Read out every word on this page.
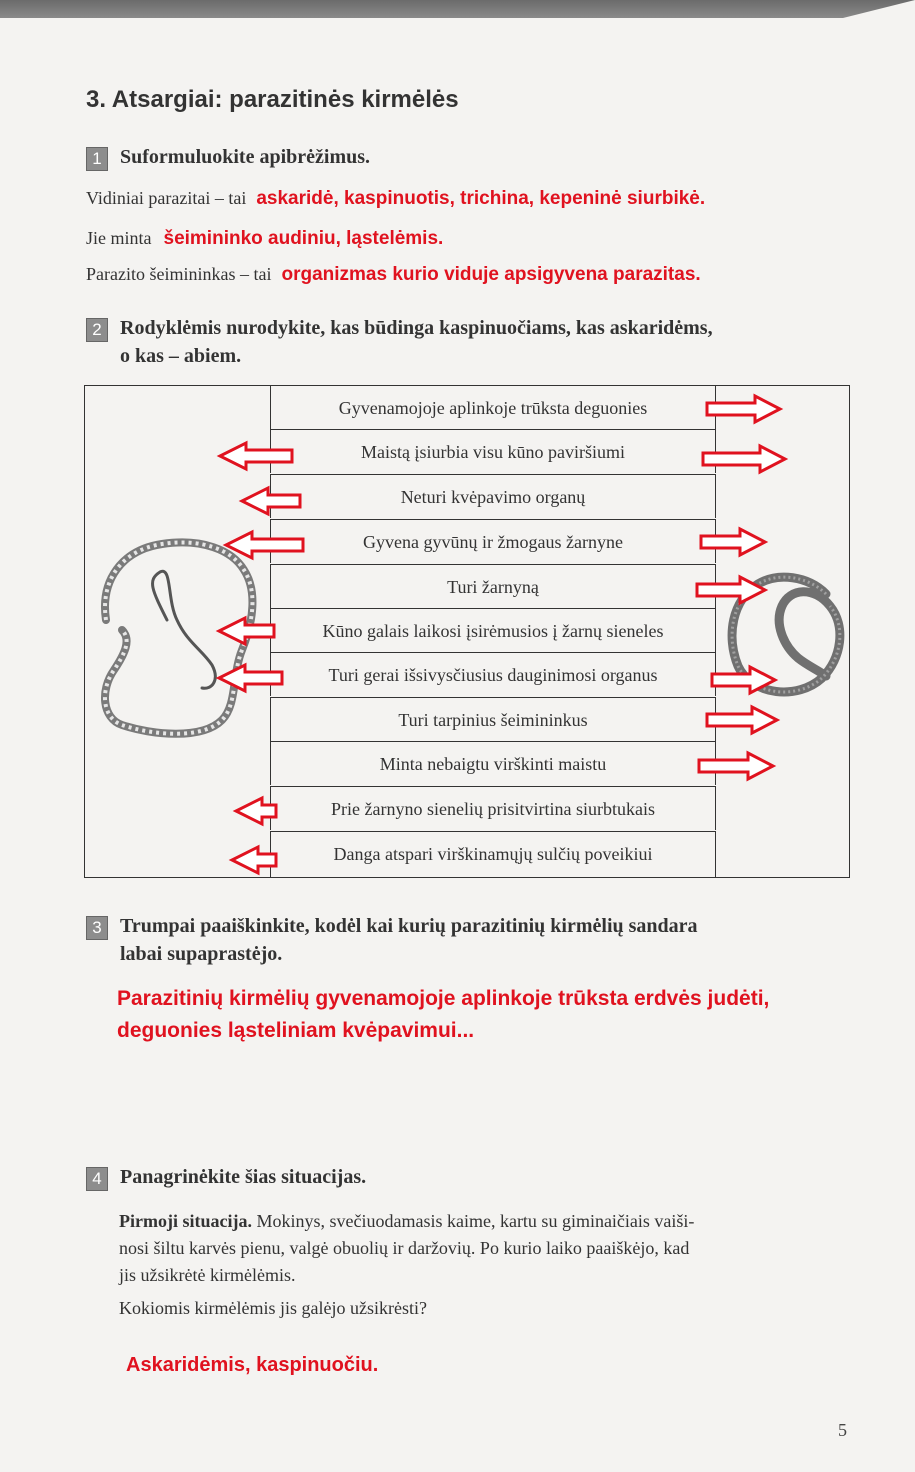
3. Atsargiai: parazitinės kirmėlės
1 Suformuluokite apibrėžimus.
Vidiniai parazitai – tai askaridė, kaspinuotis, trichina, kepeninė siurbikė.
Jie minta šeimininko audiniu, ląstelėmis.
Parazito šeimininkas – tai organizmas kurio viduje apsigyvena parazitas.
2 Rodyklėmis nurodykite, kas būdinga kaspinuočiams, kas askaridėms,
o kas – abiem.
Gyvenamojoje aplinkoje trūksta deguonies
Maistą įsiurbia visu kūno paviršiumi
Neturi kvėpavimo organų
Gyvena gyvūnų ir žmogaus žarnyne
Turi žarnyną
Kūno galais laikosi įsirėmusios į žarnų sieneles
Turi gerai išsivysčiusius dauginimosi organus
Turi tarpinius šeimininkus
Minta nebaigtu virškinti maistu
Prie žarnyno sienelių prisitvirtina siurbtukais
Danga atspari virškinamųjų sulčių poveikiui
3 Trumpai paaiškinkite, kodėl kai kurių parazitinių kirmėlių sandara
labai supaprastėjo.
Parazitinių kirmėlių gyvenamojoje aplinkoje trūksta erdvės judėti,
deguonies ląsteliniam kvėpavimui...
4 Panagrinėkite šias situacijas.
Pirmoji situacija. Mokinys, svečiuodamasis kaime, kartu su giminaičiais vaiši-
nosi šiltu karvės pienu, valgė obuolių ir daržovių. Po kurio laiko paaiškėjo, kad
jis užsikrėtė kirmėlėmis.
Kokiomis kirmėlėmis jis galėjo užsikrėsti?
Askaridėmis, kaspinuočiu.
5
